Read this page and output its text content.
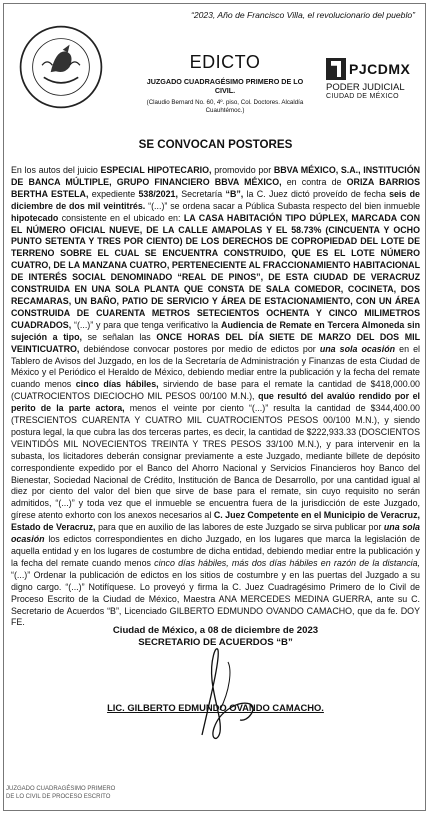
“2023, Año de Francisco Villa, el revolucionario del pueblo”
EDICTO
JUZGADO CUADRAGÉSIMO PRIMERO DE LO CIVIL.
(Claudio Bernard No. 60, 4º. piso, Col. Doctores. Alcaldía Cuauhtémoc.)
PJCDMX
PODER JUDICIAL
CIUDAD DE MÉXICO
SE CONVOCAN POSTORES
En los autos del juicio ESPECIAL HIPOTECARIO, promovido por BBVA MÉXICO, S.A., INSTITUCIÓN DE BANCA MÚLTIPLE, GRUPO FINANCIERO BBVA MÉXICO, en contra de ORIZA BARRIOS BERTHA ESTELA, expediente 538/2021, Secretaría “B”, la C. Juez dictó proveído de fecha seis de diciembre de dos mil veintitrés. “(...)” se ordena sacar a Pública Subasta respecto del bien inmueble hipotecado consistente en el ubicado en: LA CASA HABITACIÓN TIPO DÚPLEX, MARCADA CON EL NÚMERO OFICIAL NUEVE, DE LA CALLE AMAPOLAS Y EL 58.73% (CINCUENTA Y OCHO PUNTO SETENTA Y TRES POR CIENTO) DE LOS DERECHOS DE COPROPIEDAD DEL LOTE DE TERRENO SOBRE EL CUAL SE ENCUENTRA CONSTRUIDO, QUE ES EL LOTE NÚMERO CUATRO, DE LA MANZANA CUATRO, PERTENECIENTE AL FRACCIONAMIENTO HABITACIONAL DE INTERÉS SOCIAL DENOMINADO “REAL DE PINOS”, DE ESTA CIUDAD DE VERACRUZ CONSTRUIDA EN UNA SOLA PLANTA QUE CONSTA DE SALA COMEDOR, COCINETA, DOS RECAMARAS, UN BAÑO, PATIO DE SERVICIO Y ÁREA DE ESTACIONAMIENTO, CON UN ÁREA CONSTRUIDA DE CUARENTA METROS SETECIENTOS OCHENTA Y CINCO MILIMETROS CUADRADOS, “(...)” y para que tenga verificativo la Audiencia de Remate en Tercera Almoneda sin sujeción a tipo, se señalan las ONCE HORAS DEL DÍA SIETE DE MARZO DEL DOS MIL VEINTICUATRO, debiéndose convocar postores por medio de edictos por una sola ocasión en el Tablero de Avisos del Juzgado, en los de la Secretaría de Administración y Finanzas de esta Ciudad de México y el Periódico el Heraldo de México, debiendo mediar entre la publicación y la fecha del remate cuando menos cinco días hábiles, sirviendo de base para el remate la cantidad de $418,000.00 (CUATROCIENTOS DIECIOCHO MIL PESOS 00/100 M.N.), que resultó del avalúo rendido por el perito de la parte actora, menos el veinte por ciento “(...)” resulta la cantidad de $344,400.00 (TRESCIENTOS CUARENTA Y CUATRO MIL CUATROCIENTOS PESOS 00/100 M.N.), y siendo postura legal, la que cubra las dos terceras partes, es decir, la cantidad de $222,933.33 (DOSCIENTOS VEINTIDÓS MIL NOVECIENTOS TREINTA Y TRES PESOS 33/100 M.N.), y para intervenir en la subasta, los licitadores deberán consignar previamente a este Juzgado, mediante billete de depósito correspondiente expedido por el Banco del Ahorro Nacional y Servicios Financieros hoy Banco del Bienestar, Sociedad Nacional de Crédito, Institución de Banca de Desarrollo, por una cantidad igual al diez por ciento del valor del bien que sirve de base para el remate, sin cuyo requisito no serán admitidos, “(...)” y toda vez que el inmueble se encuentra fuera de la jurisdicción de este Juzgado, gírese atento exhorto con los anexos necesarios al C. Juez Competente en el Municipio de Veracruz, Estado de Veracruz, para que en auxilio de las labores de este Juzgado se sirva publicar por una sola ocasión los edictos correspondientes en dicho Juzgado, en los lugares que marca la legislación de aquella entidad y en los lugares de costumbre de dicha entidad, debiendo mediar entre la publicación y la fecha del remate cuando menos cinco días hábiles, más dos días hábiles en razón de la distancia, “(...)” Ordenar la publicación de edictos en los sitios de costumbre y en las puertas del Juzgado a su digno cargo. “(...)” Notifíquese. Lo proveyó y firma la C. Juez Cuadragésimo Primero de lo Civil de Proceso Escrito de la Ciudad de México, Maestra ANA MERCEDES MEDINA GUERRA, ante su C. Secretario de Acuerdos “B”, Licenciado GILBERTO EDMUNDO OVANDO CAMACHO, que da fe. DOY FE.
Ciudad de México, a 08 de diciembre de 2023
SECRETARIO DE ACUERDOS “B”
LIC. GILBERTO EDMUNDO OVANDO CAMACHO.
JUZGADO CUADRAGÉSIMO PRIMERO
DE LO CIVIL DE PROCESO ESCRITO
